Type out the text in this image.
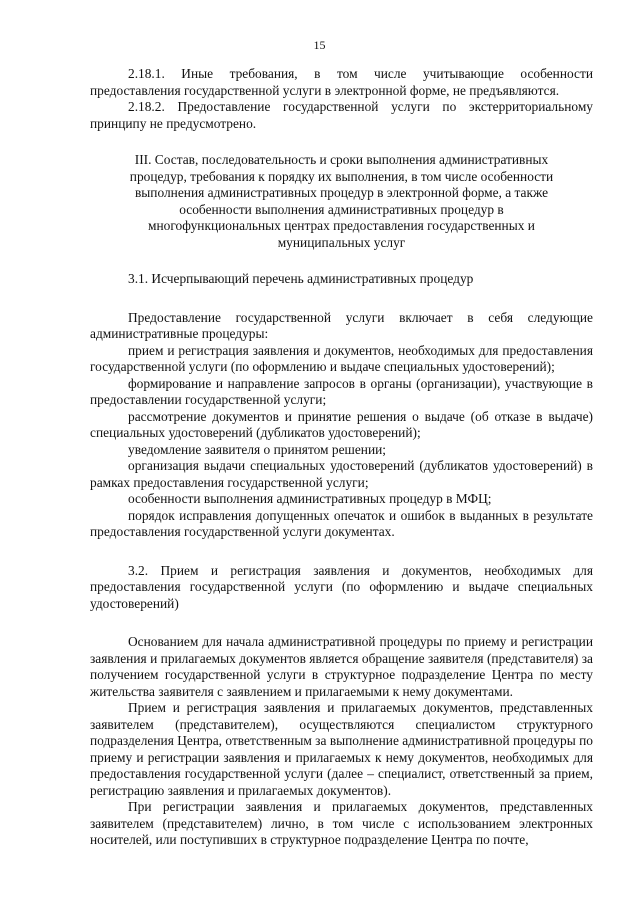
15

2.18.1. Иные требования, в том числе учитывающие особенности предоставления государственной услуги в электронной форме, не предъявляются.

2.18.2. Предоставление государственной услуги по экстерриториальному принципу не предусмотрено.

III. Состав, последовательность и сроки выполнения административных процедур, требования к порядку их выполнения, в том числе особенности выполнения административных процедур в электронной форме, а также особенности выполнения административных процедур в многофункциональных центрах предоставления государственных и муниципальных услуг

3.1. Исчерпывающий перечень административных процедур

Предоставление государственной услуги включает в себя следующие административные процедуры:

прием и регистрация заявления и документов, необходимых для предоставления государственной услуги (по оформлению и выдаче специальных удостоверений);

формирование и направление запросов в органы (организации), участвующие в предоставлении государственной услуги;

рассмотрение документов и принятие решения о выдаче (об отказе в выдаче) специальных удостоверений (дубликатов удостоверений);

уведомление заявителя о принятом решении;

организация выдачи специальных удостоверений (дубликатов удостоверений) в рамках предоставления государственной услуги;

особенности выполнения административных процедур в МФЦ;

порядок исправления допущенных опечаток и ошибок в выданных в результате предоставления государственной услуги документах.

3.2. Прием и регистрация заявления и документов, необходимых для предоставления государственной услуги (по оформлению и выдаче специальных удостоверений)

Основанием для начала административной процедуры по приему и регистрации заявления и прилагаемых документов является обращение заявителя (представителя) за получением государственной услуги в структурное подразделение Центра по месту жительства заявителя с заявлением и прилагаемыми к нему документами.

Прием и регистрация заявления и прилагаемых документов, представленных заявителем (представителем), осуществляются специалистом структурного подразделения Центра, ответственным за выполнение административной процедуры по приему и регистрации заявления и прилагаемых к нему документов, необходимых для предоставления государственной услуги (далее – специалист, ответственный за прием, регистрацию заявления и прилагаемых документов).

При регистрации заявления и прилагаемых документов, представленных заявителем (представителем) лично, в том числе с использованием электронных носителей, или поступивших в структурное подразделение Центра по почте,
